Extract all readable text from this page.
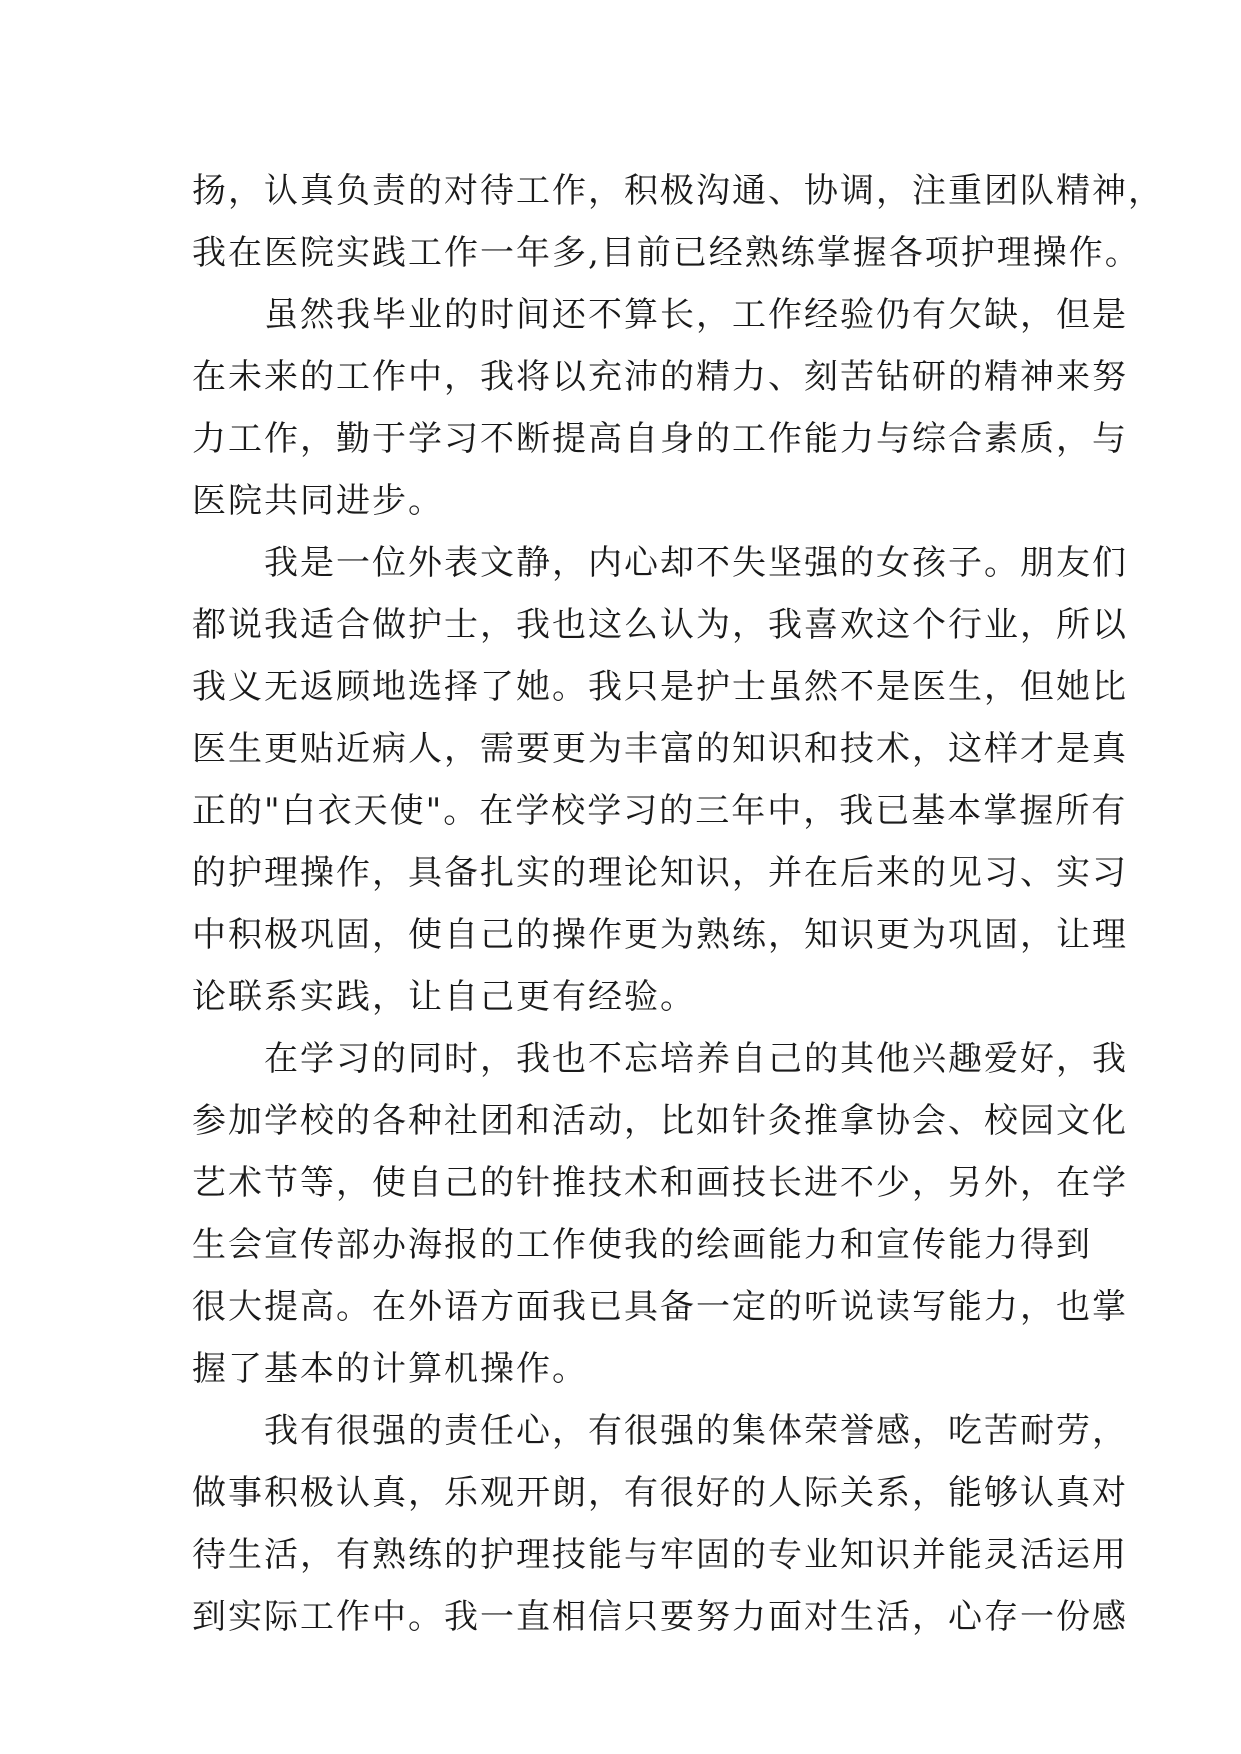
扬，认真负责的对待工作，积极沟通、协调，注重团队精神，
我在医院实践工作一年多,目前已经熟练掌握各项护理操作。
　　虽然我毕业的时间还不算长，工作经验仍有欠缺，但是
在未来的工作中，我将以充沛的精力、刻苦钻研的精神来努
力工作，勤于学习不断提高自身的工作能力与综合素质，与
医院共同进步。
　　我是一位外表文静，内心却不失坚强的女孩子。朋友们
都说我适合做护士，我也这么认为，我喜欢这个行业，所以
我义无返顾地选择了她。我只是护士虽然不是医生，但她比
医生更贴近病人，需要更为丰富的知识和技术，这样才是真
正的"白衣天使"。在学校学习的三年中，我已基本掌握所有
的护理操作，具备扎实的理论知识，并在后来的见习、实习
中积极巩固，使自己的操作更为熟练，知识更为巩固，让理
论联系实践，让自己更有经验。
　　在学习的同时，我也不忘培养自己的其他兴趣爱好，我
参加学校的各种社团和活动，比如针灸推拿协会、校园文化
艺术节等，使自己的针推技术和画技长进不少，另外，在学
生会宣传部办海报的工作使我的绘画能力和宣传能力得到
很大提高。在外语方面我已具备一定的听说读写能力，也掌
握了基本的计算机操作。
　　我有很强的责任心，有很强的集体荣誉感，吃苦耐劳，
做事积极认真，乐观开朗，有很好的人际关系，能够认真对
待生活，有熟练的护理技能与牢固的专业知识并能灵活运用
到实际工作中。我一直相信只要努力面对生活，心存一份感
